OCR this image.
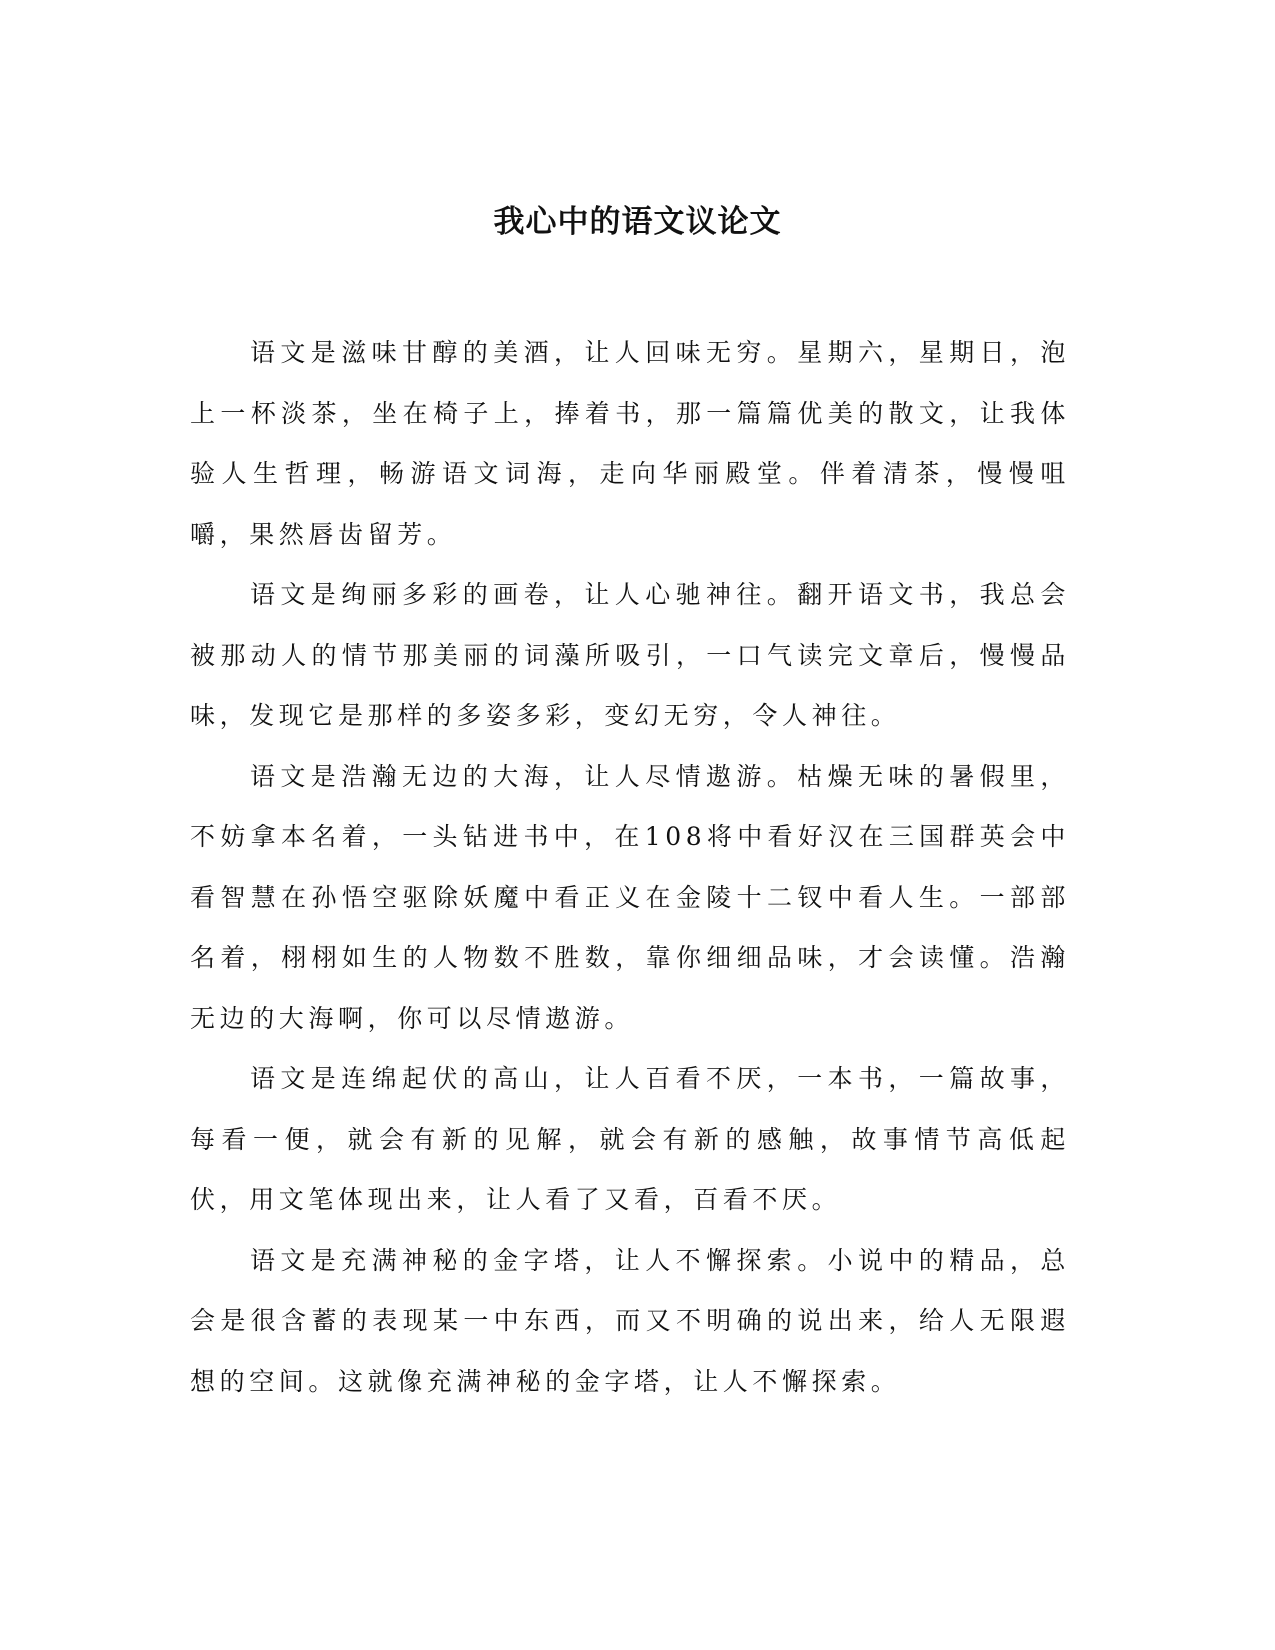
我心中的语文议论文

语文是滋味甘醇的美酒，让人回味无穷。星期六，星期日，泡上一杯淡茶，坐在椅子上，捧着书，那一篇篇优美的散文，让我体验人生哲理，畅游语文词海，走向华丽殿堂。伴着清茶，慢慢咀嚼，果然唇齿留芳。

语文是绚丽多彩的画卷，让人心驰神往。翻开语文书，我总会被那动人的情节那美丽的词藻所吸引，一口气读完文章后，慢慢品味，发现它是那样的多姿多彩，变幻无穷，令人神往。

语文是浩瀚无边的大海，让人尽情遨游。枯燥无味的暑假里，不妨拿本名着，一头钻进书中，在108将中看好汉在三国群英会中看智慧在孙悟空驱除妖魔中看正义在金陵十二钗中看人生。一部部名着，栩栩如生的人物数不胜数，靠你细细品味，才会读懂。浩瀚无边的大海啊，你可以尽情遨游。

语文是连绵起伏的高山，让人百看不厌，一本书，一篇故事，每看一便，就会有新的见解，就会有新的感触，故事情节高低起伏，用文笔体现出来，让人看了又看，百看不厌。

语文是充满神秘的金字塔，让人不懈探索。小说中的精品，总会是很含蓄的表现某一中东西，而又不明确的说出来，给人无限遐想的空间。这就像充满神秘的金字塔，让人不懈探索。
